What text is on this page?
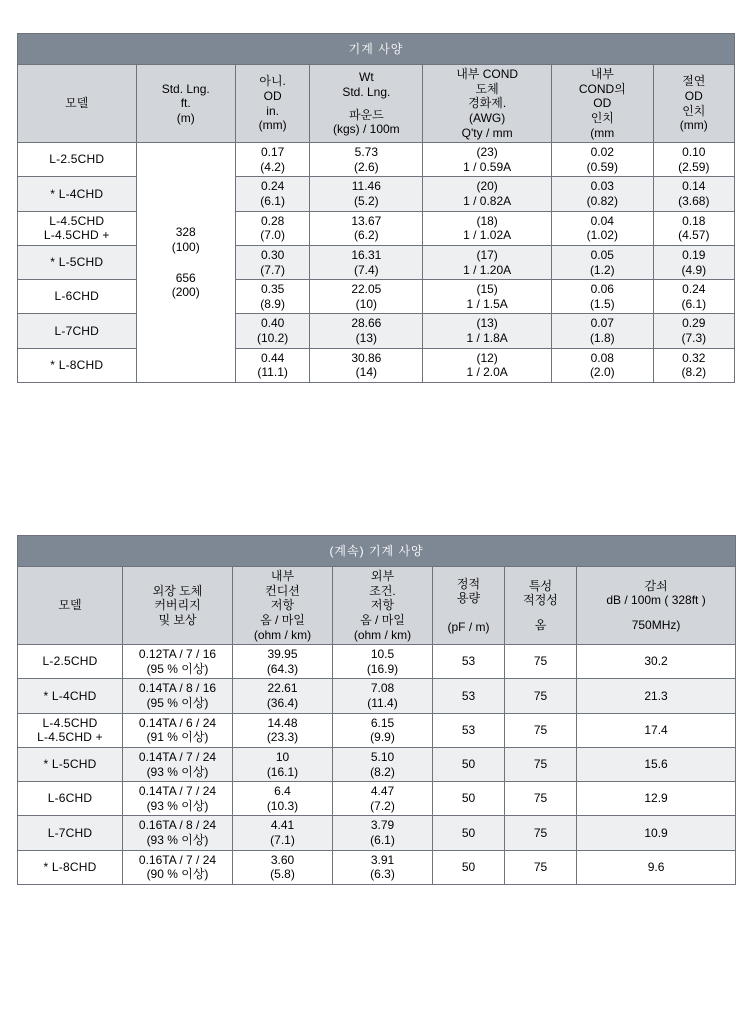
기계 사양						

모델	Std. Lng.
ft.
(m)	아니.
OD
in.
(mm)	Wt
Std. Lng.

파운드
(kgs) / 100m	내부 COND
도체
경화제.
(AWG)
Q'ty / mm	내부
COND의
OD
인치
(mm	절연
OD
인치
(mm)

L-2.5CHD	328
(100)

656
(200)	0.17
(4.2)	5.73
(2.6)	(23)
1 / 0.59A	0.02
(0.59)	0.10
(2.59)

* L-4CHD		0.24
(6.1)	11.46
(5.2)	(20)
1 / 0.82A	0.03
(0.82)	0.14
(3.68)

L-4.5CHD
L-4.5CHD +		0.28
(7.0)	13.67
(6.2)	(18)
1 / 1.02A	0.04
(1.02)	0.18
(4.57)

* L-5CHD		0.30
(7.7)	16.31
(7.4)	(17)
1 / 1.20A	0.05
(1.2)	0.19
(4.9)

L-6CHD		0.35
(8.9)	22.05
(10)	(15)
1 / 1.5A	0.06
(1.5)	0.24
(6.1)

L-7CHD		0.40
(10.2)	28.66
(13)	(13)
1 / 1.8A	0.07
(1.8)	0.29
(7.3)

* L-8CHD		0.44
(11.1)	30.86
(14)	(12)
1 / 2.0A	0.08
(2.0)	0.32
(8.2)
(계속) 기계 사양						

모델	외장 도체
커버리지
및 보상	내부
컨디션
저항
옴 / 마일
(ohm / km)	외부
조건.
저항
옴 / 마일
(ohm / km)	정적
용량

(pF / m)	특성
적정성

옴	감쇠
dB / 100m ( 328ft )

750MHz)

L-2.5CHD	0.12TA / 7 / 16
(95 % 이상)	39.95
(64.3)	10.5
(16.9)	53	75	30.2

* L-4CHD	0.14TA / 8 / 16
(95 % 이상)	22.61
(36.4)	7.08
(11.4)	53	75	21.3

L-4.5CHD
L-4.5CHD +	0.14TA / 6 / 24
(91 % 이상)	14.48
(23.3)	6.15
(9.9)	53	75	17.4

* L-5CHD	0.14TA / 7 / 24
(93 % 이상)	10
(16.1)	5.10
(8.2)	50	75	15.6

L-6CHD	0.14TA / 7 / 24
(93 % 이상)	6.4
(10.3)	4.47
(7.2)	50	75	12.9

L-7CHD	0.16TA / 8 / 24
(93 % 이상)	4.41
(7.1)	3.79
(6.1)	50	75	10.9

* L-8CHD	0.16TA / 7 / 24
(90 % 이상)	3.60
(5.8)	3.91
(6.3)	50	75	9.6
